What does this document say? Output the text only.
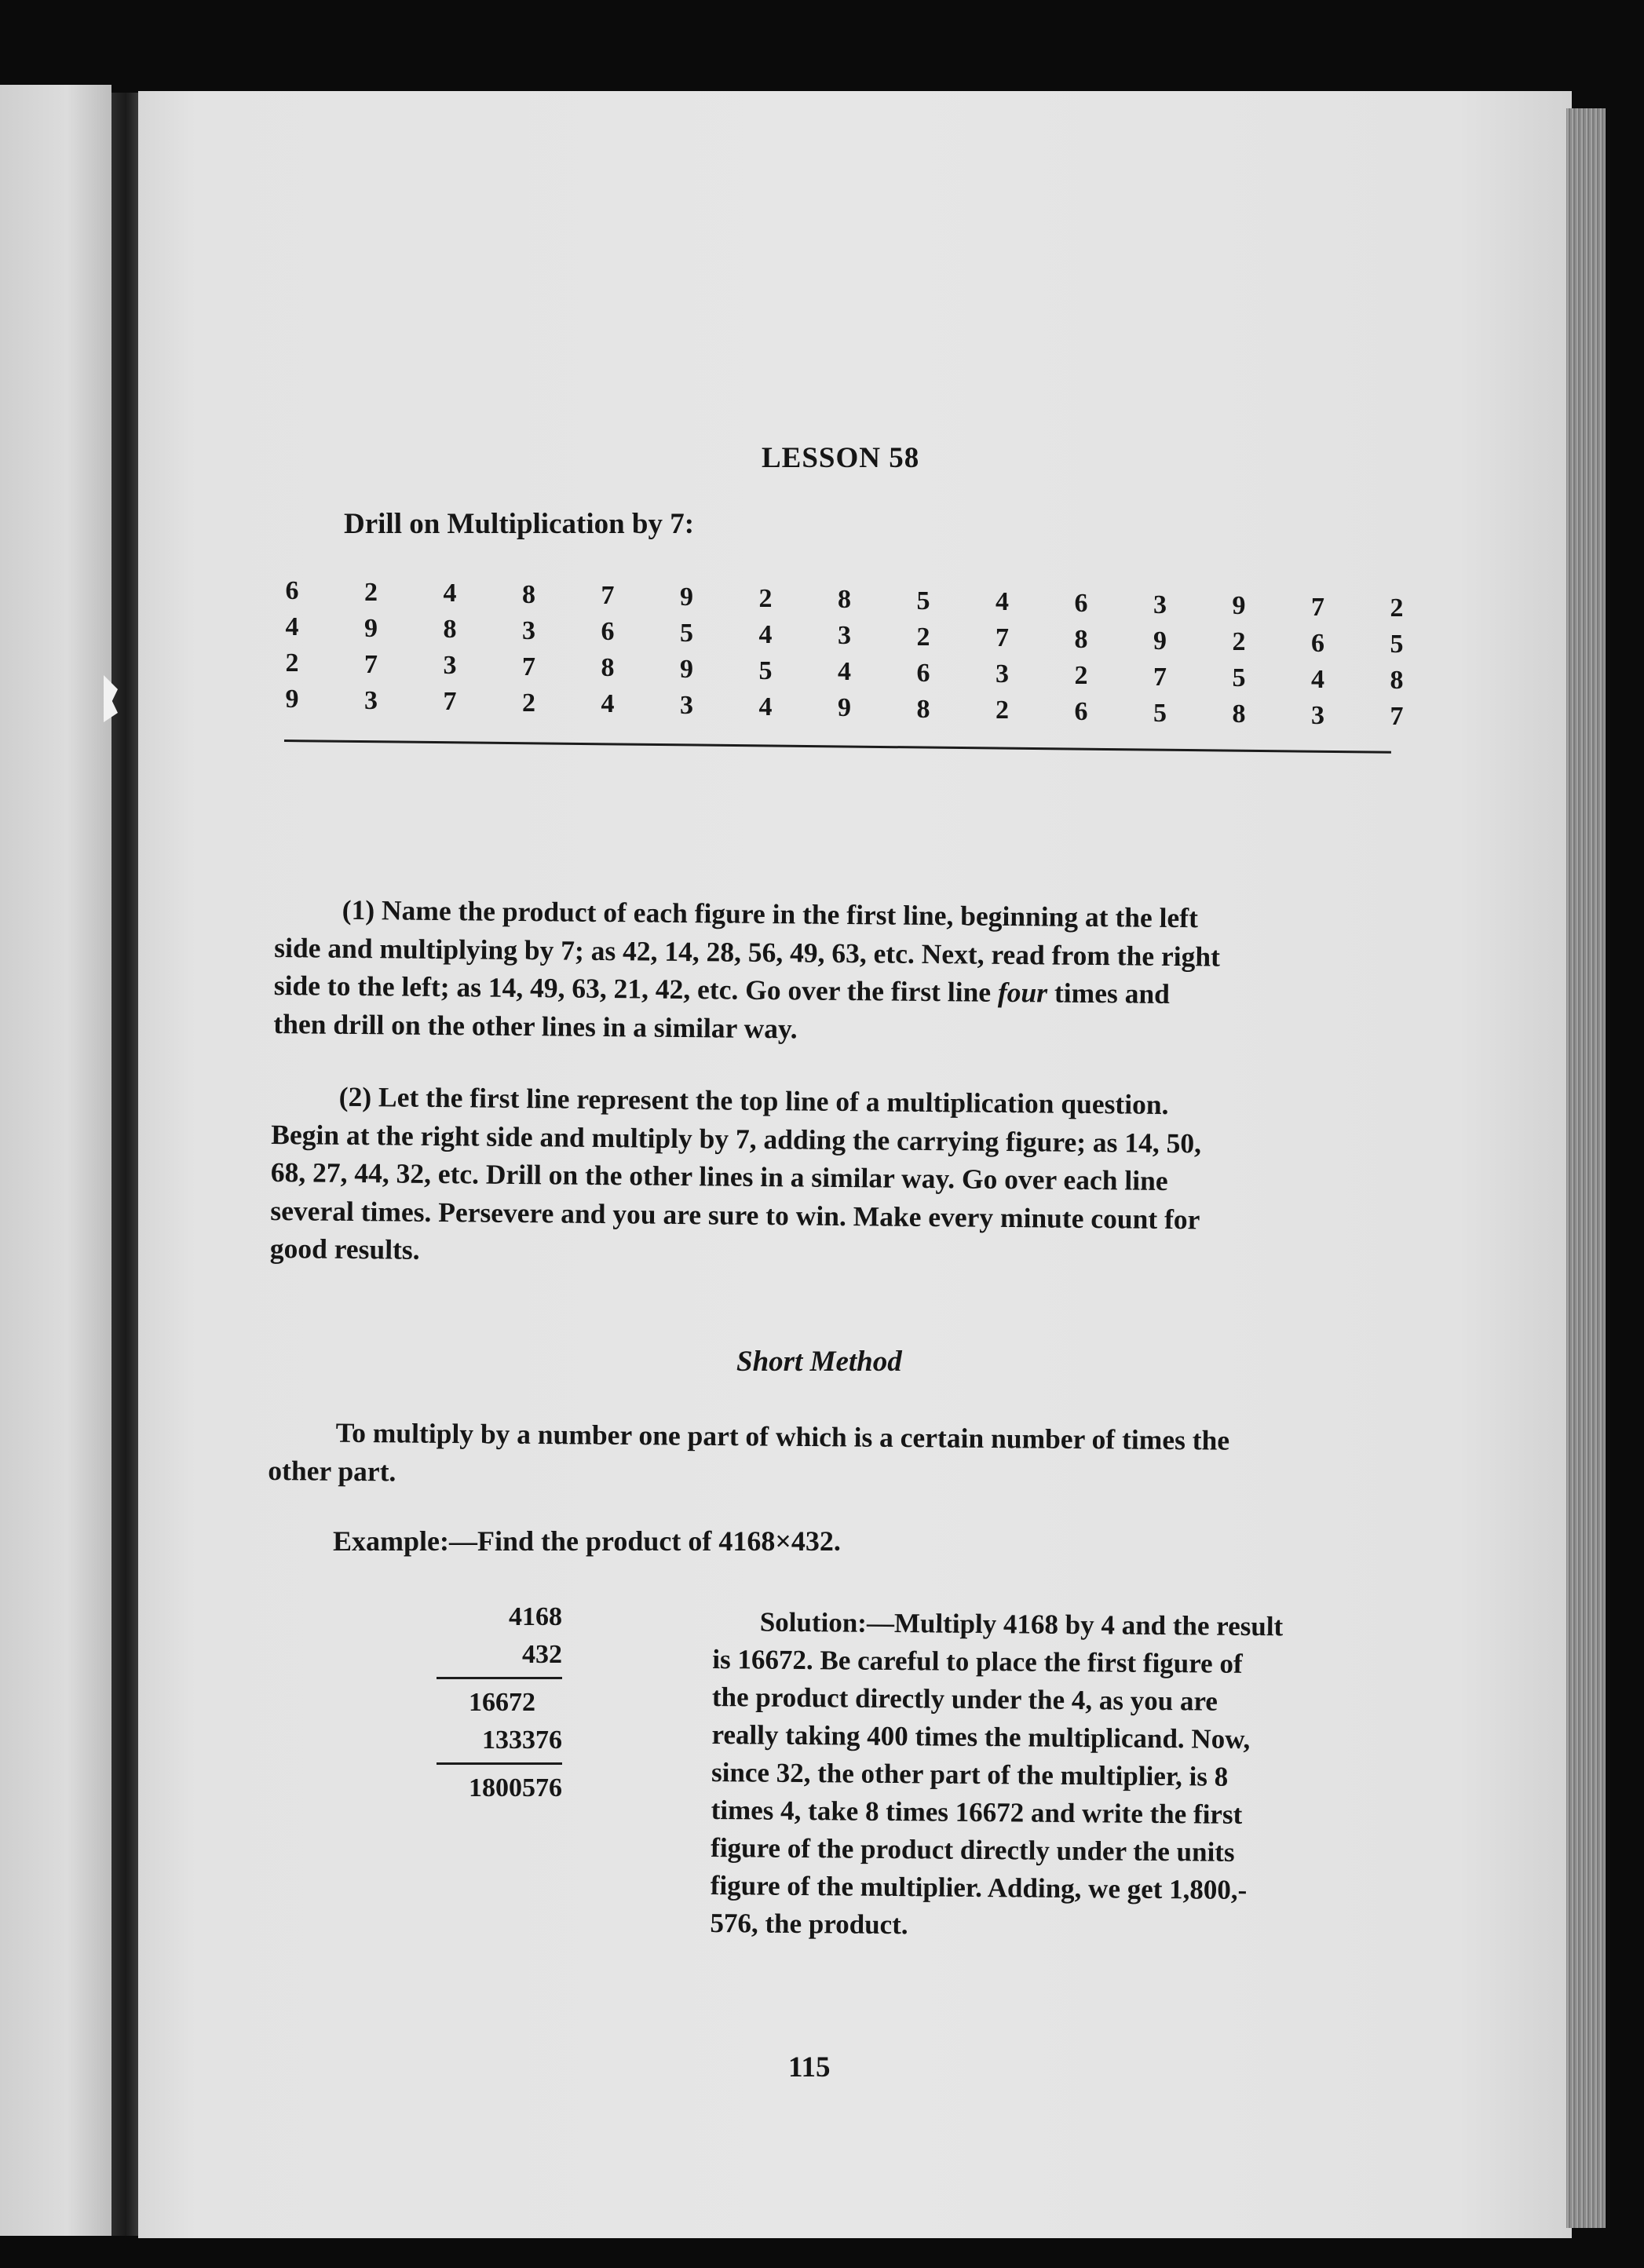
LESSON 58
Drill on Multiplication by 7:
6
4
2
9
2
9
7
3
4
8
3
7
8
3
7
2
7
6
8
4
9
5
9
3
2
4
5
4
8
3
4
9
5
2
6
8
4
7
3
2
6
8
2
6
3
9
7
5
9
2
5
8
7
6
4
3
2
5
8
7
(1) Name the product of each figure in the first line, beginning at the left
side and multiplying by 7; as 42, 14, 28, 56, 49, 63, etc. Next, read from the right
side to the left; as 14, 49, 63, 21, 42, etc. Go over the first line four times and
then drill on the other lines in a similar way.
(2) Let the first line represent the top line of a multiplication question.
Begin at the right side and multiply by 7, adding the carrying figure; as 14, 50,
68, 27, 44, 32, etc. Drill on the other lines in a similar way. Go over each line
several times. Persevere and you are sure to win. Make every minute count for
good results.
Short Method
To multiply by a number one part of which is a certain number of times the
other part.
Example:—Find the product of 4168×432.
4168
432
16672
133376
1800576
Solution:—Multiply 4168 by 4 and the result
is 16672. Be careful to place the first figure of
the product directly under the 4, as you are
really taking 400 times the multiplicand. Now,
since 32, the other part of the multiplier, is 8
times 4, take 8 times 16672 and write the first
figure of the product directly under the units
figure of the multiplier. Adding, we get 1,800,-
576, the product.
115
